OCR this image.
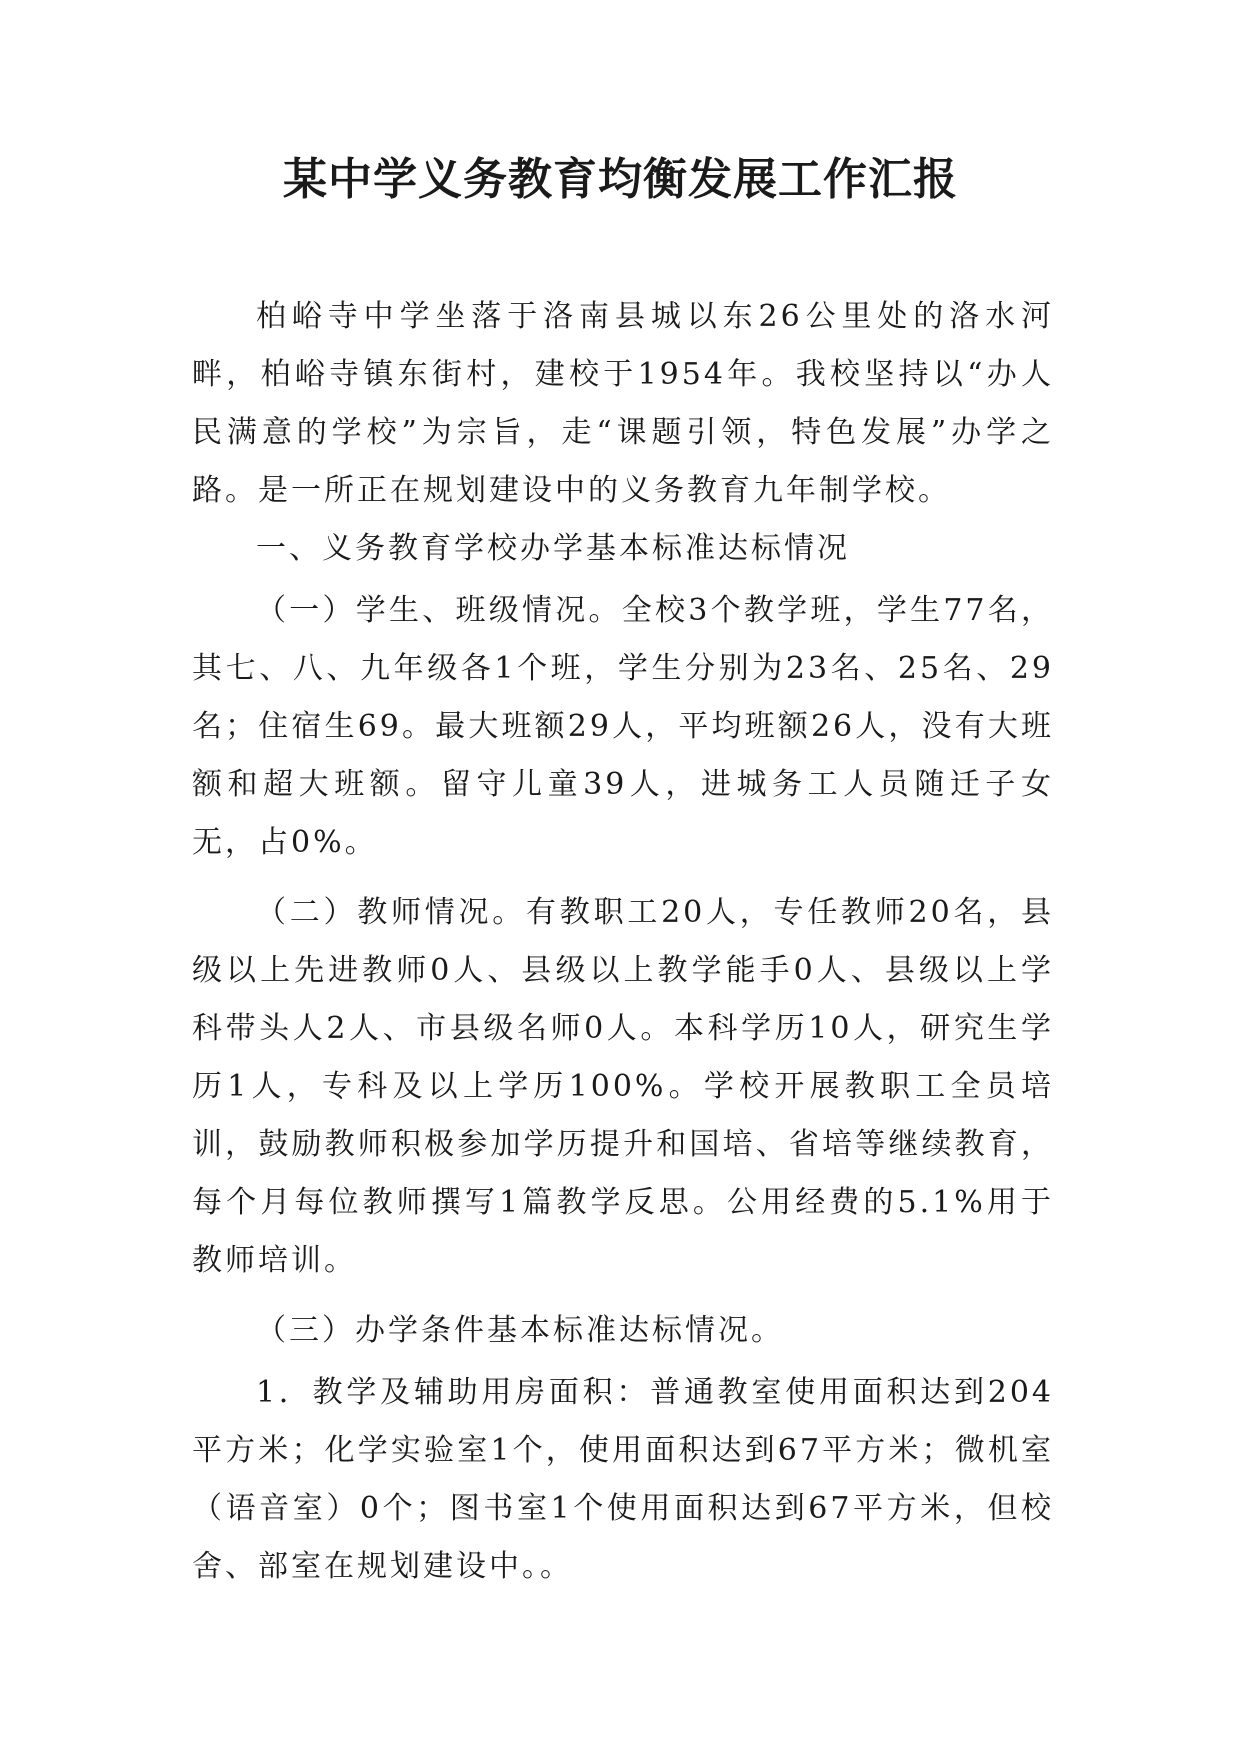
某中学义务教育均衡发展工作汇报

柏峪寺中学坐落于洛南县城以东26公里处的洛水河畔，柏峪寺镇东街村，建校于1954年。我校坚持以“办人民满意的学校”为宗旨，走“课题引领，特色发展”办学之路。是一所正在规划建设中的义务教育九年制学校。

一、义务教育学校办学基本标准达标情况

（一）学生、班级情况。全校3个教学班，学生77名，其七、八、九年级各1个班，学生分别为23名、25名、29名；住宿生69。最大班额29人，平均班额26人，没有大班额和超大班额。留守儿童39人，进城务工人员随迁子女无，占0%。

（二）教师情况。有教职工20人，专任教师20名，县级以上先进教师0人、县级以上教学能手0人、县级以上学科带头人2人、市县级名师0人。本科学历10人，研究生学历1人，专科及以上学历100%。学校开展教职工全员培训，鼓励教师积极参加学历提升和国培、省培等继续教育，每个月每位教师撰写1篇教学反思。公用经费的5.1%用于教师培训。

（三）办学条件基本标准达标情况。

1．教学及辅助用房面积：普通教室使用面积达到204平方米；化学实验室1个，使用面积达到67平方米；微机室（语音室）0个；图书室1个使用面积达到67平方米，但校舍、部室在规划建设中。。
